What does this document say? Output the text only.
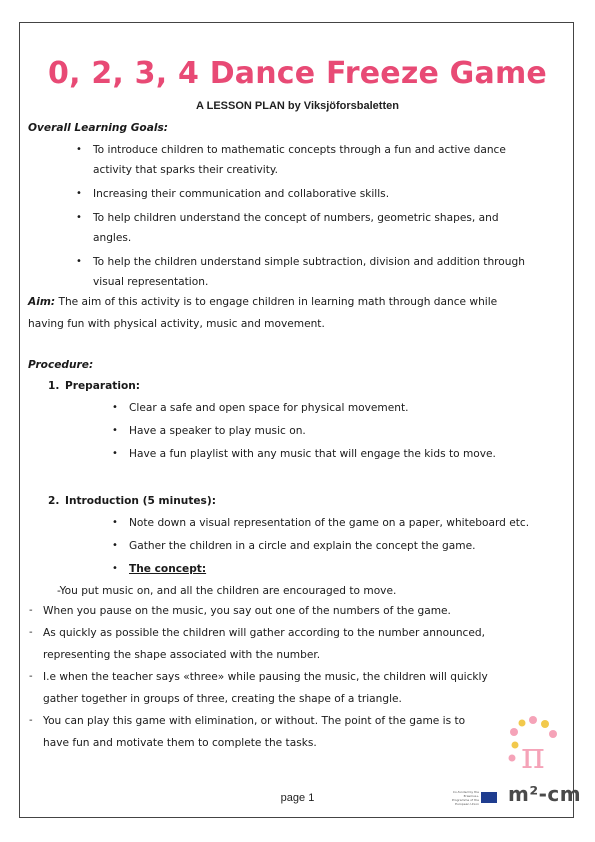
0, 2, 3, 4 Dance Freeze Game
A LESSON PLAN by Viksjöforsbaletten
Overall Learning Goals:
• To introduce children to mathematic concepts through a fun and active dance
activity that sparks their creativity.
• Increasing their communication and collaborative skills.
• To help children understand the concept of numbers, geometric shapes, and
angles.
• To help the children understand simple subtraction, division and addition through
visual representation.
Aim: The aim of this activity is to engage children in learning math through dance while
having fun with physical activity, music and movement.
Procedure:
1. Preparation:
• Clear a safe and open space for physical movement.
• Have a speaker to play music on.
• Have a fun playlist with any music that will engage the kids to move.
2. Introduction (5 minutes):
• Note down a visual representation of the game on a paper, whiteboard etc.
• Gather the children in a circle and explain the concept the game.
• The concept:
-You put music on, and all the children are encouraged to move.
- When you pause on the music, you say out one of the numbers of the game.
- As quickly as possible the children will gather according to the number announced,
representing the shape associated with the number.
- I.e when the teacher says «three» while pausing the music, the children will quickly
gather together in groups of three, creating the shape of a triangle.
- You can play this game with elimination, or without. The point of the game is to
have fun and motivate them to complete the tasks.	π
page 1	Co-funded by the Erasmus+ Programme of the European Union m²-cm
